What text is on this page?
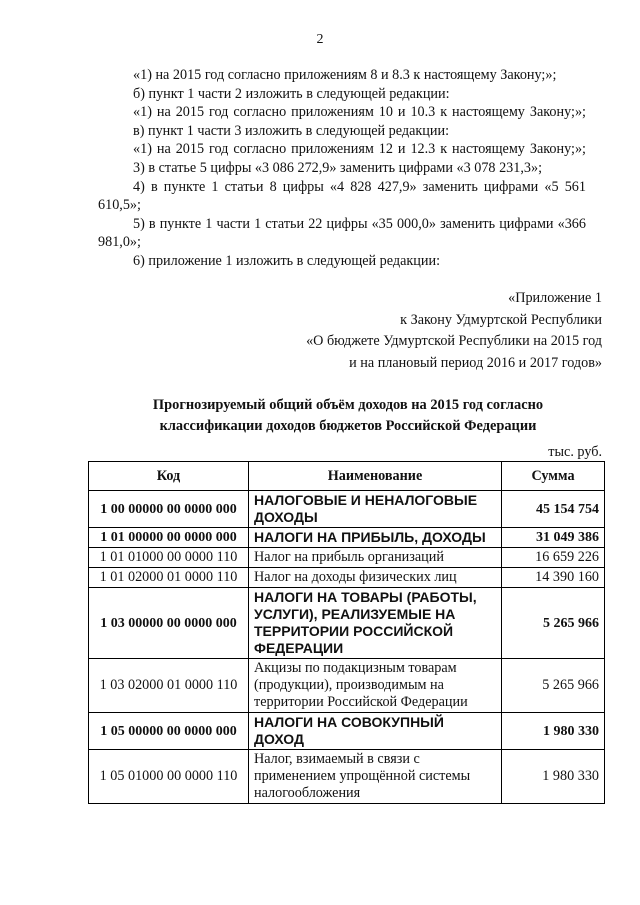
2

«1) на 2015 год согласно приложениям 8 и 8.3 к настоящему Закону;»;

б) пункт 1 части 2 изложить в следующей редакции:

«1) на 2015 год согласно приложениям 10 и 10.3 к настоящему Закону;»;

в) пункт 1 части 3 изложить в следующей редакции:

«1) на 2015 год согласно приложениям 12 и 12.3 к настоящему Закону;»;

3) в статье 5 цифры «3 086 272,9» заменить цифрами «3 078 231,3»;

4) в пункте 1 статьи 8 цифры «4 828 427,9» заменить цифрами «5 561 610,5»;

5) в пункте 1 части 1 статьи 22 цифры «35 000,0» заменить цифрами «366 981,0»;

6) приложение 1 изложить в следующей редакции:

«Приложение 1
к Закону Удмуртской Республики
«О бюджете Удмуртской Республики на 2015 год
и на плановый период 2016 и 2017 годов»
Прогнозируемый общий объём доходов на 2015 год согласно
классификации доходов бюджетов Российской Федерации
тыс. руб.
Код	Наименование	Сумма
1 00 00000 00 0000 000	НАЛОГОВЫЕ И НЕНАЛОГОВЫЕ ДОХОДЫ	45 154 754
1 01 00000 00 0000 000	НАЛОГИ НА ПРИБЫЛЬ, ДОХОДЫ	31 049 386
1 01 01000 00 0000 110	Налог на прибыль организаций	16 659 226
1 01 02000 01 0000 110	Налог на доходы физических лиц	14 390 160
1 03 00000 00 0000 000	НАЛОГИ НА ТОВАРЫ (РАБОТЫ, УСЛУГИ), РЕАЛИЗУЕМЫЕ НА ТЕРРИТОРИИ РОССИЙСКОЙ ФЕДЕРАЦИИ	5 265 966
1 03 02000 01 0000 110	Акцизы по подакцизным товарам (продукции), производимым на территории Российской Федерации	5 265 966
1 05 00000 00 0000 000	НАЛОГИ НА СОВОКУПНЫЙ ДОХОД	1 980 330
1 05 01000 00 0000 110	Налог, взимаемый в связи с применением упрощённой системы налогообложения	1 980 330
